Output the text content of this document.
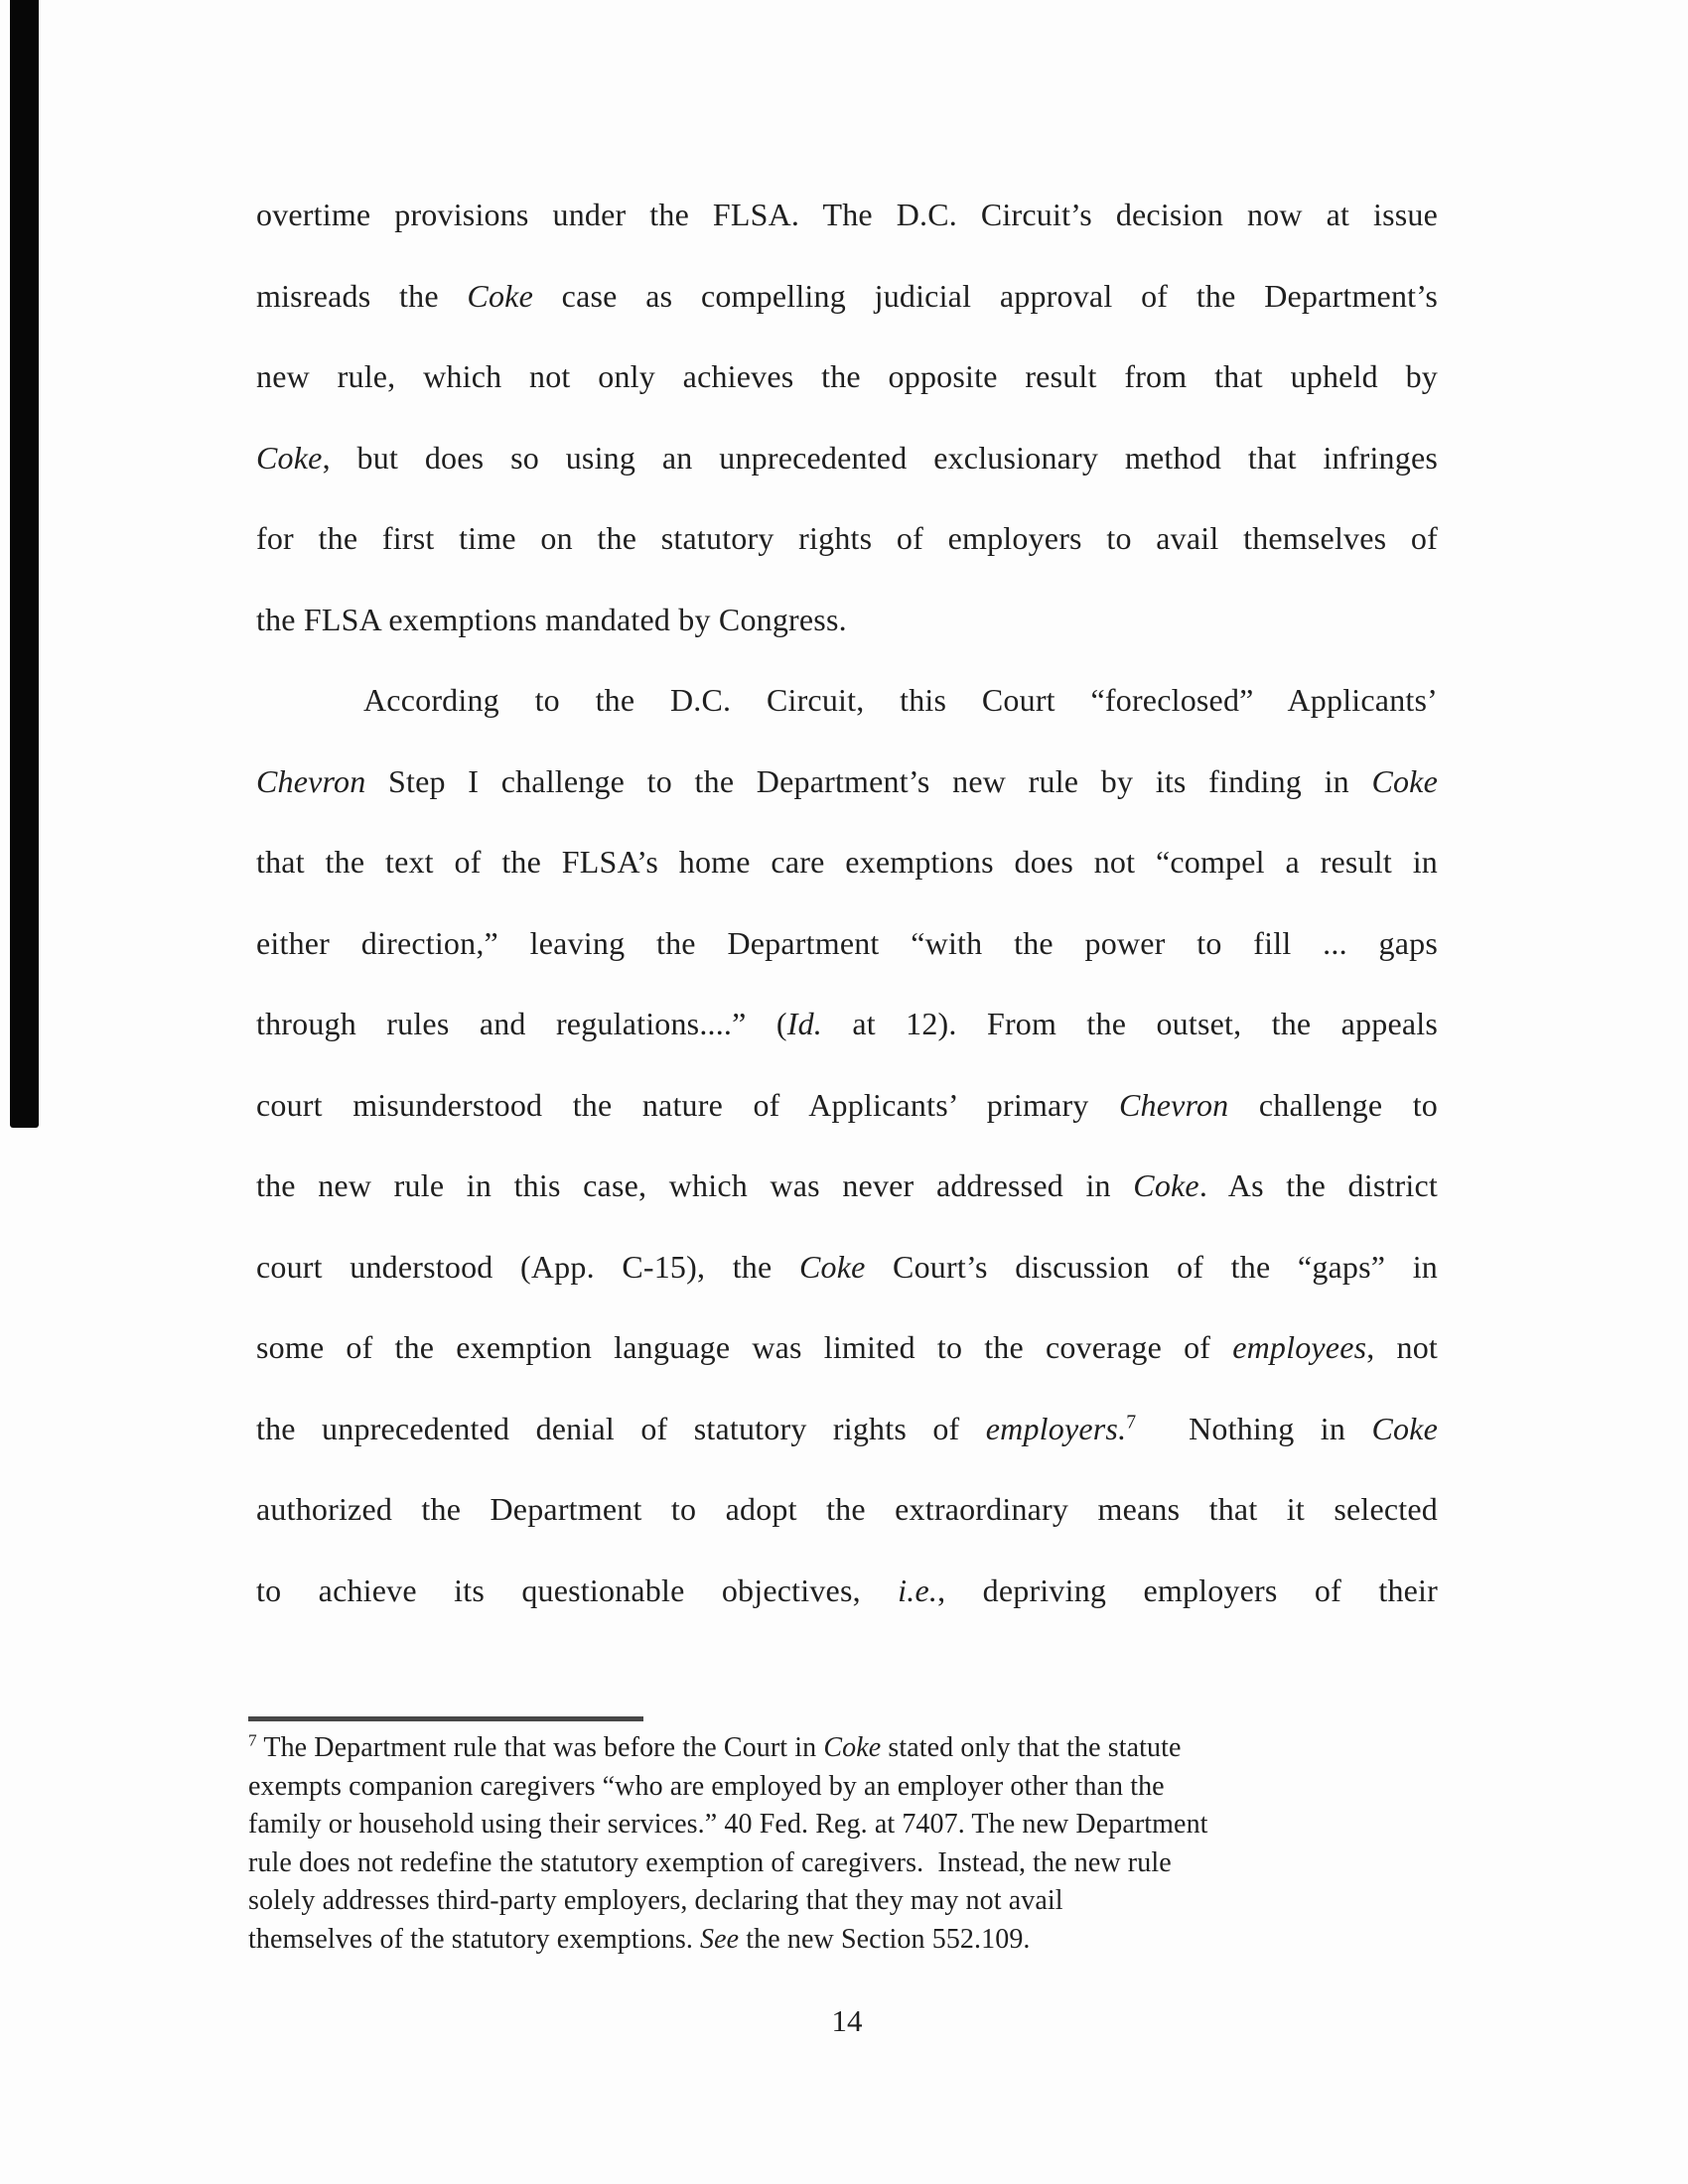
overtime provisions under the FLSA. The D.C. Circuit’s decision now at issue
misreads the Coke case as compelling judicial approval of the Department’s
new rule, which not only achieves the opposite result from that upheld by
Coke, but does so using an unprecedented exclusionary method that infringes
for the first time on the statutory rights of employers to avail themselves of
the FLSA exemptions mandated by Congress.
According to the D.C. Circuit, this Court “foreclosed” Applicants’
Chevron Step I challenge to the Department’s new rule by its finding in Coke
that the text of the FLSA’s home care exemptions does not “compel a result in
either direction,” leaving the Department “with the power to fill ... gaps
through rules and regulations....” (Id. at 12). From the outset, the appeals
court misunderstood the nature of Applicants’ primary Chevron challenge to
the new rule in this case, which was never addressed in Coke. As the district
court understood (App. C-15), the Coke Court’s discussion of the “gaps” in
some of the exemption language was limited to the coverage of employees, not
the unprecedented denial of statutory rights of employers.$^7$  Nothing in Coke
authorized the Department to adopt the extraordinary means that it selected
to achieve its questionable objectives, i.e., depriving employers of their
$^7$ The Department rule that was before the Court in Coke stated only that the statute
exempts companion caregivers “who are employed by an employer other than the
family or household using their services.” 40 Fed. Reg. at 7407. The new Department
rule does not redefine the statutory exemption of caregivers.  Instead, the new rule
solely addresses third-party employers, declaring that they may not avail
themselves of the statutory exemptions. See the new Section 552.109.
14
